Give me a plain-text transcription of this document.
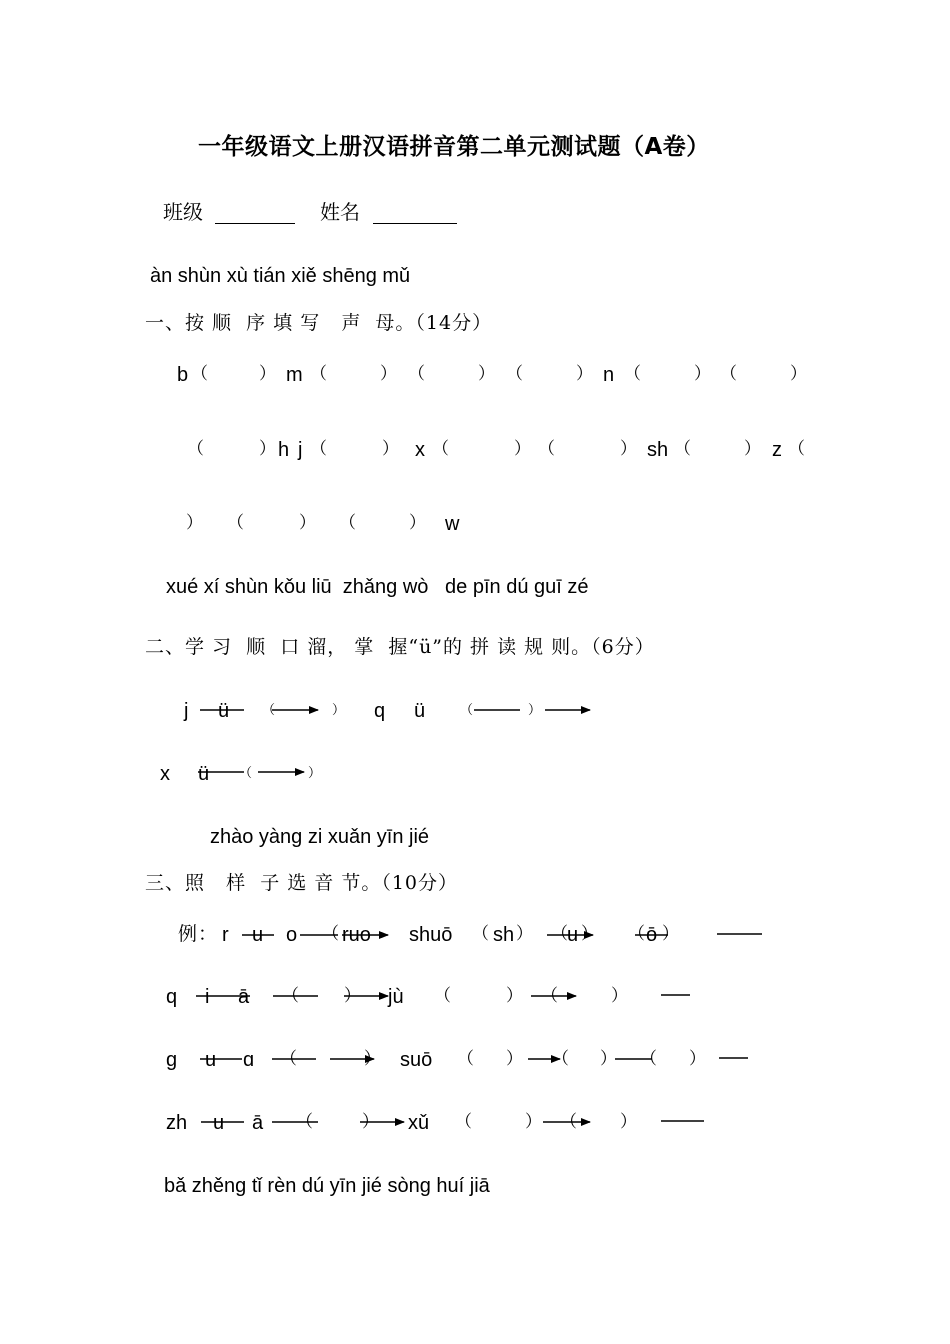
一年级语文上册汉语拼音第二单元测试题（A卷）
班级	姓名
àn shùn xù tián xiě shēng mǔ
一、按 顺  序 填 写   声  母。（14分）
b （	） m （	） （	） （	） n （	） （	）
（	） h j （	） x （	） （	） sh （	） z （
） （	） （	） w
xué xí shùn kǒu liū  zhǎng wò   de pīn dú guī zé
二、学 习  顺  口 溜， 掌  握“ü”的 拼 读 规 则。（6分）
j ü	（	） q ü	（	）
x ü （	）
zhào yàng zi xuǎn yīn jié
三、照   样  子 选 音 节。（10分）
例： r u o （ ruo shuō （ sh ） （ u ） （ ō ）
q i ā （	） jù （	） （	）
g u ɑ （	） suō （ ） （ ） （ ）
zh u ā （	） xǔ （	） （	）
bǎ zhěng tǐ rèn dú yīn jié sòng huí jiā
